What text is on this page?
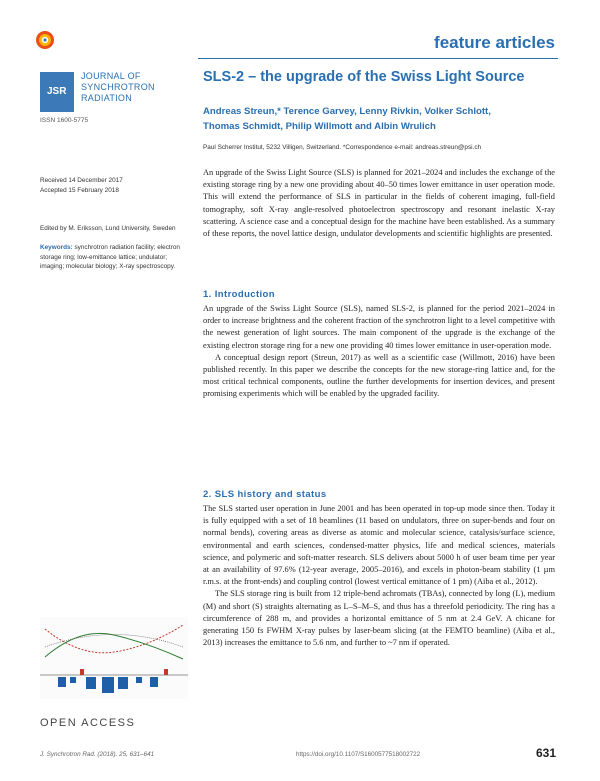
feature articles
JSR
JOURNAL OF
SYNCHROTRON
RADIATION
ISSN 1600-5775
SLS-2 – the upgrade of the Swiss Light Source
Andreas Streun,* Terence Garvey, Lenny Rivkin, Volker Schlott,
Thomas Schmidt, Philip Willmott and Albin Wrulich
Paul Scherrer Institut, 5232 Villigen, Switzerland. *Correspondence e-mail: andreas.streun@psi.ch
Received 14 December 2017
Accepted 15 February 2018
Edited by M. Eriksson, Lund University, Sweden
Keywords: synchrotron radiation facility; electron storage ring; low-emittance lattice; undulator; imaging; molecular biology; X-ray spectroscopy.
OPEN ACCESS
An upgrade of the Swiss Light Source (SLS) is planned for 2021–2024 and includes the exchange of the existing storage ring by a new one providing about 40–50 times lower emittance in user operation mode. This will extend the performance of SLS in particular in the fields of coherent imaging, full-field tomography, soft X-ray angle-resolved photoelectron spectroscopy and resonant inelastic X-ray scattering. A science case and a conceptual design for the machine have been established. As a summary of these reports, the novel lattice design, undulator developments and scientific highlights are presented.
1. Introduction

An upgrade of the Swiss Light Source (SLS), named SLS-2, is planned for the period 2021–2024 in order to increase brightness and the coherent fraction of the synchrotron light to a level competitive with the newest generation of light sources. The main component of the upgrade is the exchange of the existing electron storage ring for a new one providing 40 times lower emittance in user-operation mode.

A conceptual design report (Streun, 2017) as well as a scientific case (Willmott, 2016) have been published recently. In this paper we describe the concepts for the new storage-ring lattice and, for the most critical technical components, outline the further developments for insertion devices, and present promising experiments which will be enabled by the upgraded facility.

2. SLS history and status

The SLS started user operation in June 2001 and has been operated in top-up mode since then. Today it is fully equipped with a set of 18 beamlines (11 based on undulators, three on super-bends and four on normal bends), covering areas as diverse as atomic and molecular science, catalysis/surface science, environmental and earth sciences, condensed-matter physics, life and medical sciences, materials science, and polymeric and soft-matter research. SLS delivers about 5000 h of user beam time per year at an availability of 97.6% (12-year average, 2005–2016), and excels in photon-beam stability (1 µm r.m.s. at the front-ends) and coupling control (lowest vertical emittance of 1 pm) (Aiba et al., 2012).

The SLS storage ring is built from 12 triple-bend achromats (TBAs), connected by long (L), medium (M) and short (S) straights alternating as L–S–M–S, and thus has a threefold periodicity. The ring has a circumference of 288 m, and provides a horizontal emittance of 5 nm at 2.4 GeV. A chicane for generating 150 fs FWHM X-ray pulses by laser-beam slicing (at the FEMTO beamline) (Aiba et al., 2013) increases the emittance to 5.6 nm, and further to ~7 nm if operated.

J. Synchrotron Rad. (2018). 25, 631–641	https://doi.org/10.1107/S1600577518002722	631
